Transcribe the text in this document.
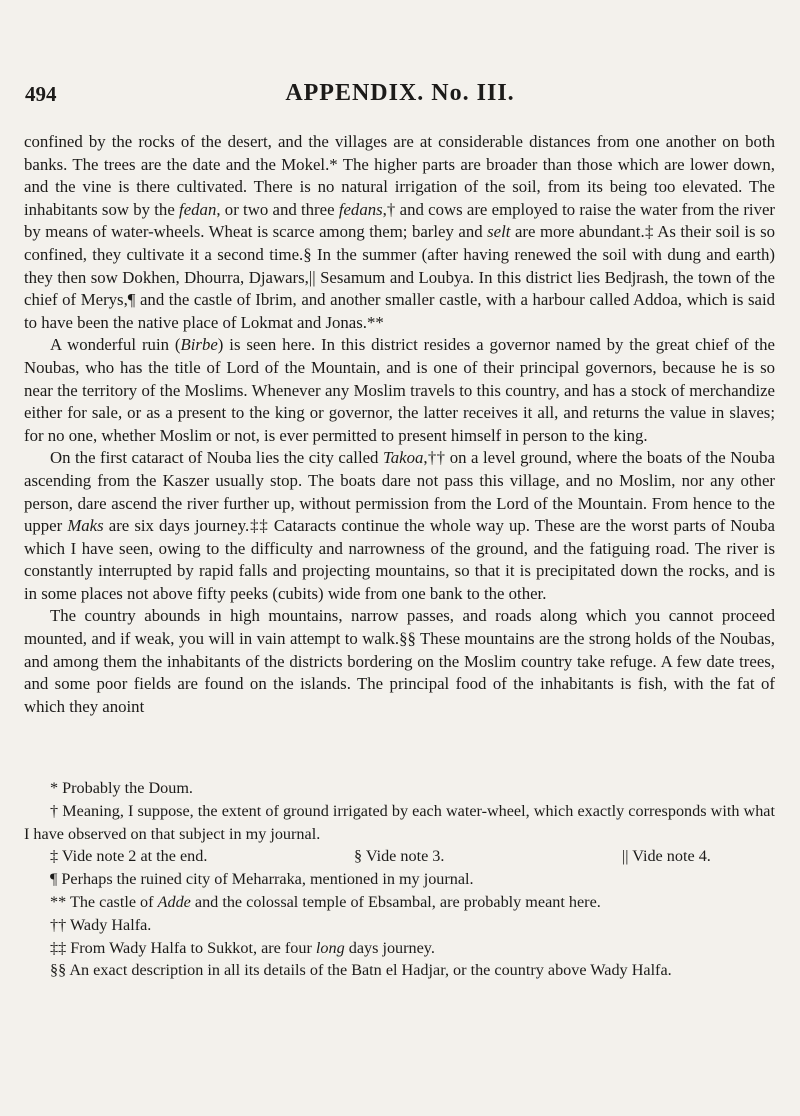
494	APPENDIX. No. III.

confined by the rocks of the desert, and the villages are at considerable distances from one another on both banks. The trees are the date and the Mokel.* The higher parts are broader than those which are lower down, and the vine is there cultivated. There is no natural irrigation of the soil, from its being too elevated. The inhabitants sow by the fedan, or two and three fedans,† and cows are employed to raise the water from the river by means of water-wheels. Wheat is scarce among them; barley and selt are more abundant.‡ As their soil is so confined, they cultivate it a second time.§ In the summer (after having renewed the soil with dung and earth) they then sow Dokhen, Dhourra, Djawars,|| Sesamum and Loubya. In this district lies Bedjrash, the town of the chief of Merys,¶ and the castle of Ibrim, and another smaller castle, with a harbour called Addoa, which is said to have been the native place of Lokmat and Jonas.**

A wonderful ruin (Birbe) is seen here. In this district resides a governor named by the great chief of the Noubas, who has the title of Lord of the Mountain, and is one of their principal governors, because he is so near the territory of the Moslims. Whenever any Moslim travels to this country, and has a stock of merchandize either for sale, or as a present to the king or governor, the latter receives it all, and returns the value in slaves; for no one, whether Moslim or not, is ever permitted to present himself in person to the king.

On the first cataract of Nouba lies the city called Takoa,†† on a level ground, where the boats of the Nouba ascending from the Kaszer usually stop. The boats dare not pass this village, and no Moslim, nor any other person, dare ascend the river further up, without permission from the Lord of the Mountain. From hence to the upper Maks are six days journey.‡‡ Cataracts continue the whole way up. These are the worst parts of Nouba which I have seen, owing to the difficulty and narrowness of the ground, and the fatiguing road. The river is constantly interrupted by rapid falls and projecting mountains, so that it is precipitated down the rocks, and is in some places not above fifty peeks (cubits) wide from one bank to the other.

The country abounds in high mountains, narrow passes, and roads along which you cannot proceed mounted, and if weak, you will in vain attempt to walk.§§ These mountains are the strong holds of the Noubas, and among them the inhabitants of the districts bordering on the Moslim country take refuge. A few date trees, and some poor fields are found on the islands. The principal food of the inhabitants is fish, with the fat of which they anoint

* Probably the Doum.

† Meaning, I suppose, the extent of ground irrigated by each water-wheel, which exactly corresponds with what I have observed on that subject in my journal.

‡ Vide note 2 at the end.	§ Vide note 3.	|| Vide note 4.

¶ Perhaps the ruined city of Meharraka, mentioned in my journal.

** The castle of Adde and the colossal temple of Ebsambal, are probably meant here.

†† Wady Halfa.

‡‡ From Wady Halfa to Sukkot, are four long days journey.

§§ An exact description in all its details of the Batn el Hadjar, or the country above Wady Halfa.
